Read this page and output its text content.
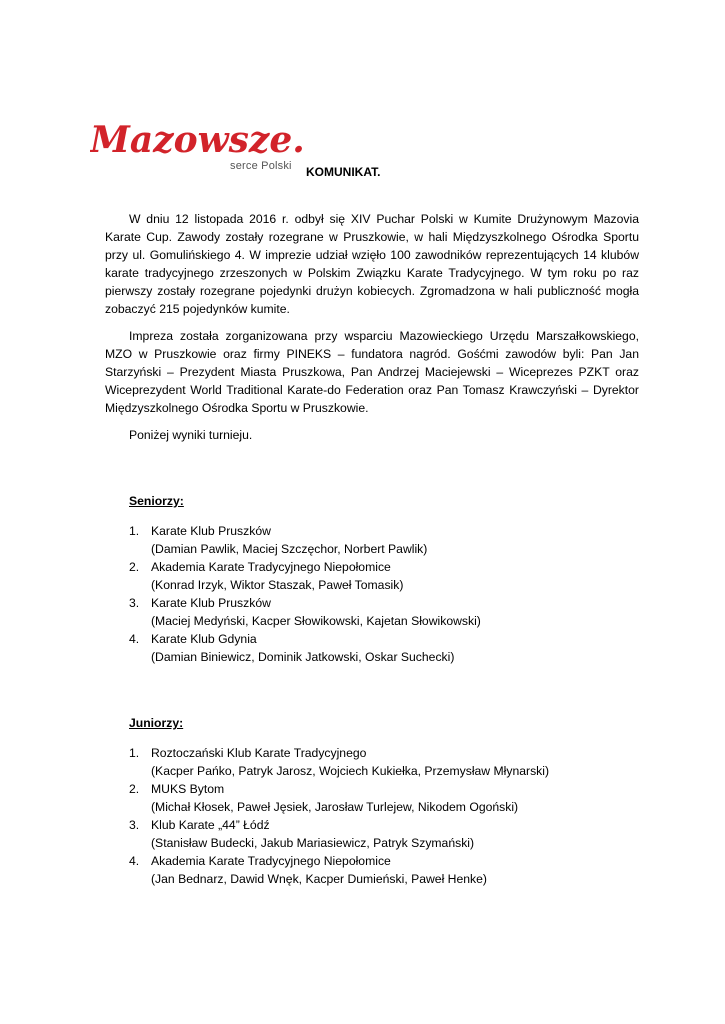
Mazowsze.
serce Polski KOMUNIKAT.

W dniu 12 listopada 2016 r. odbył się XIV Puchar Polski w Kumite Drużynowym Mazovia Karate Cup. Zawody zostały rozegrane w Pruszkowie, w hali Międzyszkolnego Ośrodka Sportu przy ul. Gomulińskiego 4. W imprezie udział wzięło 100 zawodników reprezentujących 14 klubów karate tradycyjnego zrzeszonych w Polskim Związku Karate Tradycyjnego. W tym roku po raz pierwszy zostały rozegrane pojedynki drużyn kobiecych. Zgromadzona w hali publiczność mogła zobaczyć 215 pojedynków kumite.

Impreza została zorganizowana przy wsparciu Mazowieckiego Urzędu Marszałkowskiego, MZO w Pruszkowie oraz firmy PINEKS – fundatora nagród. Gośćmi zawodów byli: Pan Jan Starzyński – Prezydent Miasta Pruszkowa, Pan Andrzej Maciejewski – Wiceprezes PZKT oraz Wiceprezydent World Traditional Karate-do Federation oraz Pan Tomasz Krawczyński – Dyrektor Międzyszkolnego Ośrodka Sportu w Pruszkowie.

Poniżej wyniki turnieju.

Seniorzy:
1. Karate Klub Pruszków
(Damian Pawlik, Maciej Szczęchor, Norbert Pawlik)
2. Akademia Karate Tradycyjnego Niepołomice
(Konrad Irzyk, Wiktor Staszak, Paweł Tomasik)
3. Karate Klub Pruszków
(Maciej Medyński, Kacper Słowikowski, Kajetan Słowikowski)
4. Karate Klub Gdynia
(Damian Biniewicz, Dominik Jatkowski, Oskar Suchecki)
Juniorzy:
1. Roztoczański Klub Karate Tradycyjnego
(Kacper Pańko, Patryk Jarosz, Wojciech Kukiełka, Przemysław Młynarski)
2. MUKS Bytom
(Michał Kłosek, Paweł Jęsiek, Jarosław Turlejew, Nikodem Ogoński)
3. Klub Karate „44” Łódź
(Stanisław Budecki, Jakub Mariasiewicz, Patryk Szymański)
4. Akademia Karate Tradycyjnego Niepołomice
(Jan Bednarz, Dawid Wnęk, Kacper Dumieński, Paweł Henke)
